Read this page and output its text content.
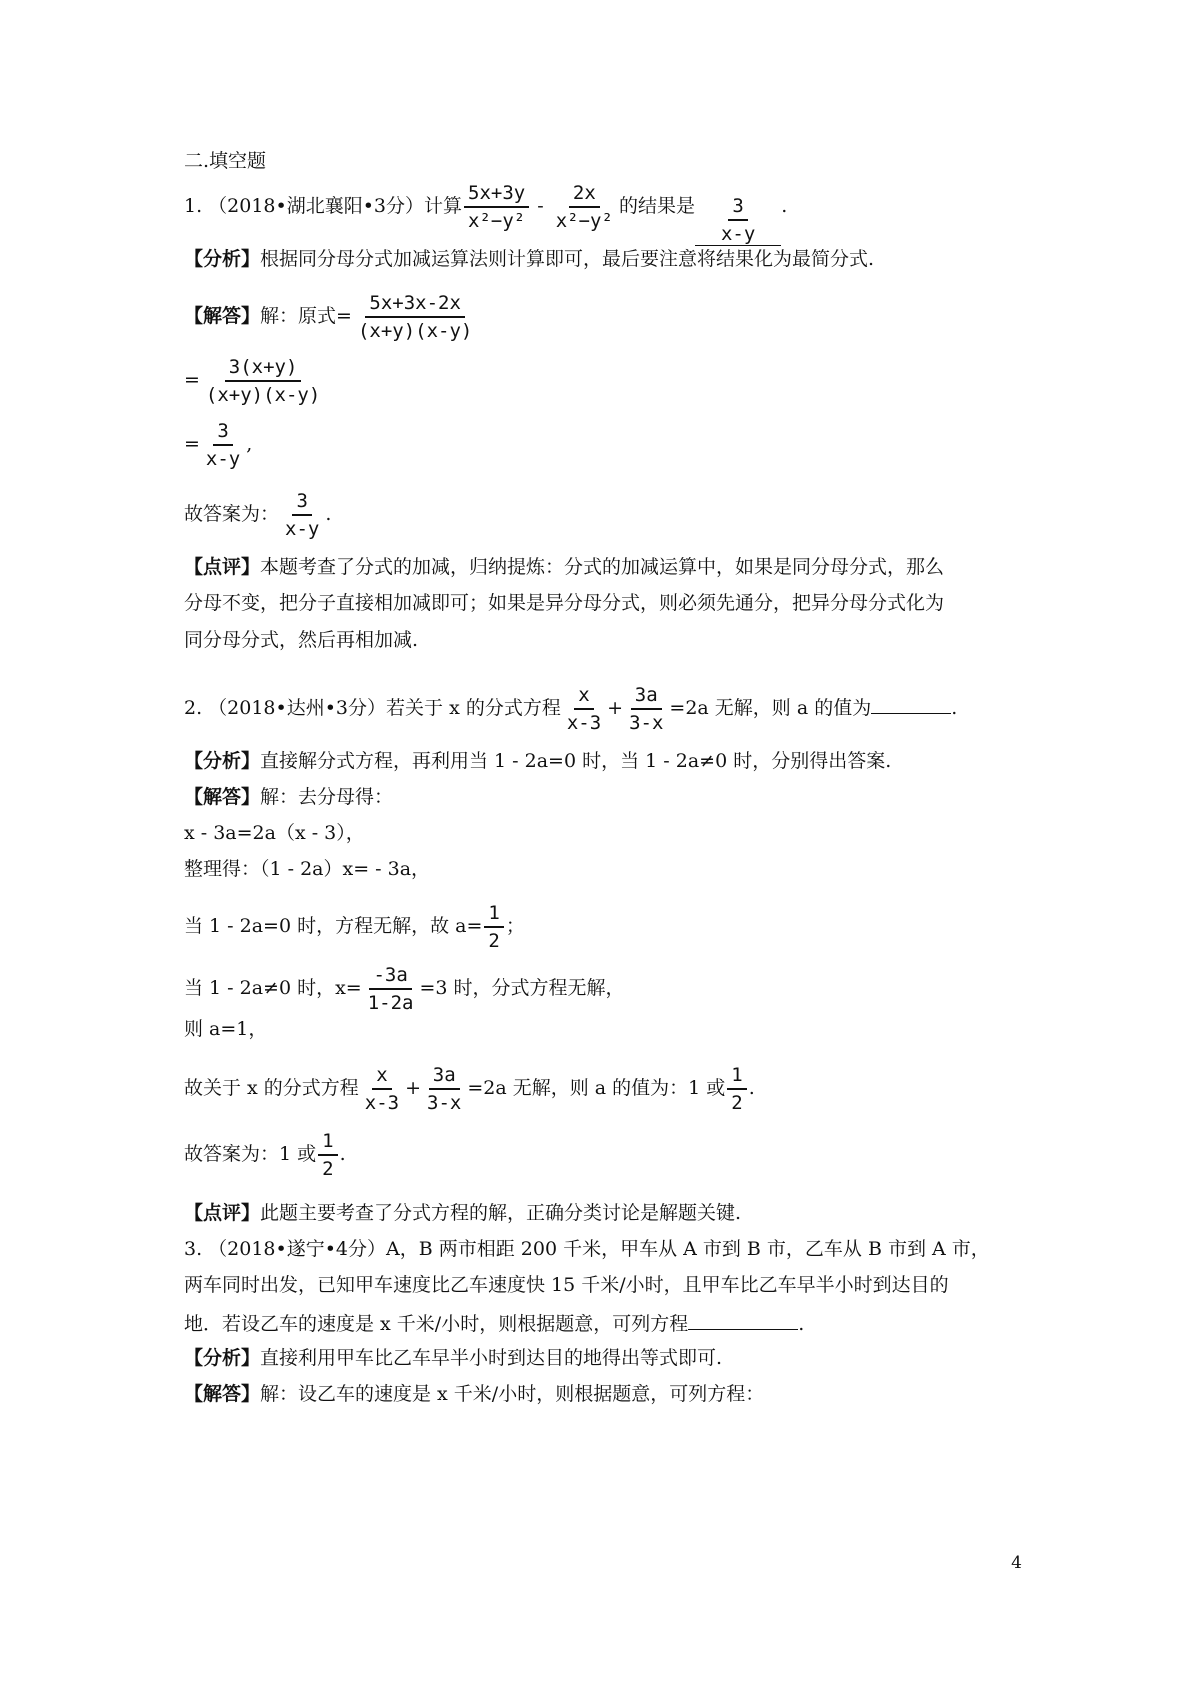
二.填空题
1. （2018•湖北襄阳•3分）计算 $\frac{5x+3y}{\text{x²−y²}} - \frac{2x}{\text{x²−y²}}$ 的结果是 $\frac{3}{x-y}$ .
【分析】根据同分母分式加减运算法则计算即可，最后要注意将结果化为最简分式.
【解答】解：原式= $\frac{5x+3x-2x}{(x+y)(x-y)}$
= $\frac{3(x+y)}{(x+y)(x-y)}$
= $\frac{3}{x-y}$ ,
故答案为： $\frac{3}{x-y}$ .
【点评】本题考查了分式的加减，归纳提炼：分式的加减运算中，如果是同分母分式，那么
分母不变，把分子直接相加减即可；如果是异分母分式，则必须先通分，把异分母分式化为
同分母分式，然后再相加减.
2. （2018•达州•3分）若关于 x 的分式方程 $\frac{x}{x-3} + \frac{3a}{3-x} =2a$ 无解，则 a 的值为	.
【分析】直接解分式方程，再利用当 1 - 2a=0 时，当 1 - 2a≠0 时，分别得出答案.
【解答】解：去分母得：
x - 3a=2a（x - 3），
整理得：（1 - 2a）x= - 3a，
当 1 - 2a=0 时，方程无解，故 $a= \frac{1}{2}$ ；
当 1 - 2a≠0 时，$x= \frac{-3a}{1-2a} =3$ 时，分式方程无解，
则 a=1，
故关于 x 的分式方程 $\frac{x}{x-3} + \frac{3a}{3-x} =2a$ 无解，则 a 的值为：1 或 $\frac{1}{2}$ .
故答案为：1 或 $\frac{1}{2}$ .
【点评】此题主要考查了分式方程的解，正确分类讨论是解题关键.
3. （2018•遂宁•4分）A，B 两市相距 200 千米，甲车从 A 市到 B 市，乙车从 B 市到 A 市，
两车同时出发，已知甲车速度比乙车速度快 15 千米/小时，且甲车比乙车早半小时到达目的
地．若设乙车的速度是 x 千米/小时，则根据题意，可列方程	.
【分析】直接利用甲车比乙车早半小时到达目的地得出等式即可.
【解答】解：设乙车的速度是 x 千米/小时，则根据题意，可列方程：
4
